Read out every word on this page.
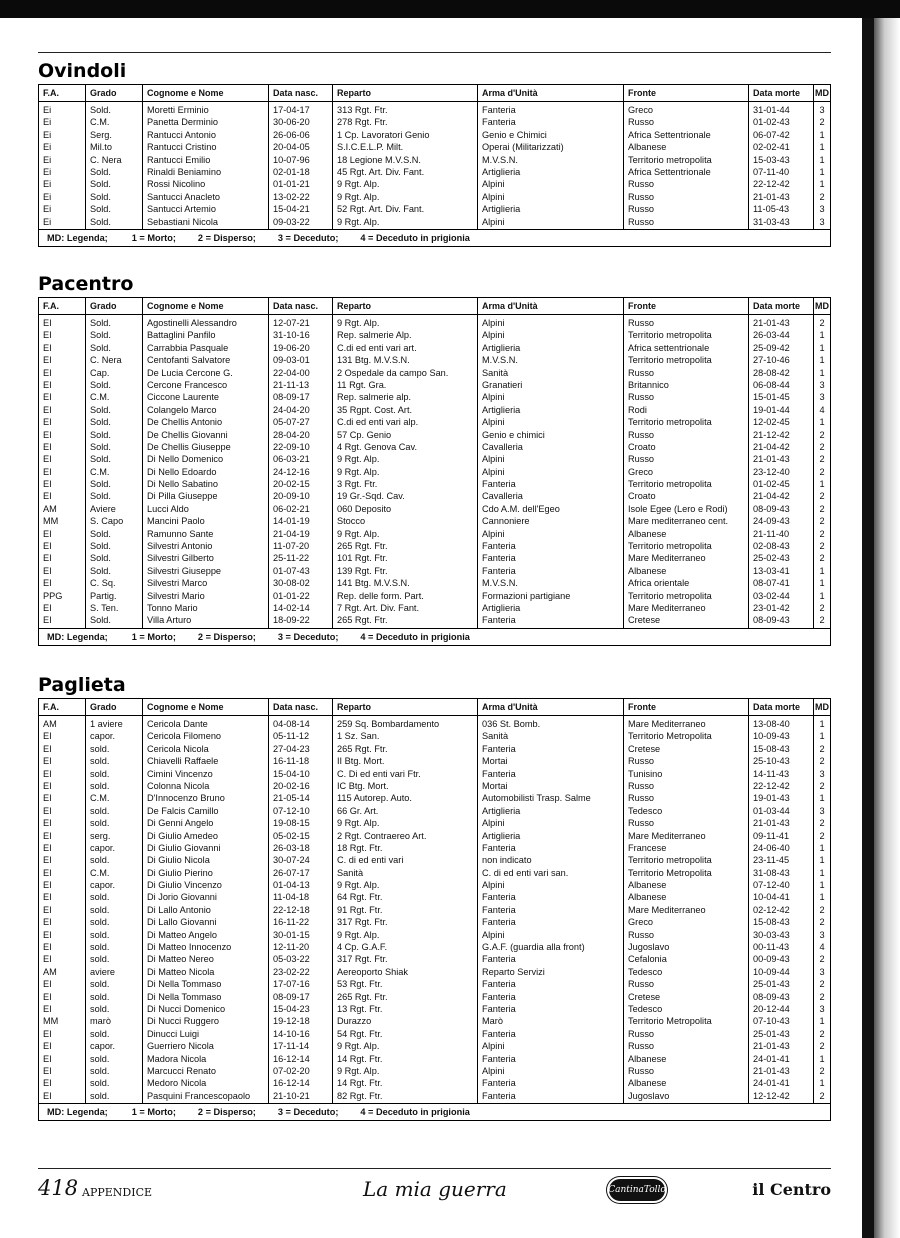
Ovindoli
F.A.	Grado	Cognome e Nome	Data nasc.	Reparto	Arma d'Unità	Fronte	Data morte	MD
Ei	Sold.	Moretti Erminio	17-04-17	313 Rgt. Ftr.	Fanteria	Greco	31-01-44	3
Ei	C.M.	Panetta Derminio	30-06-20	278 Rgt. Ftr.	Fanteria	Russo	01-02-43	2
Ei	Serg.	Rantucci Antonio	26-06-06	1 Cp. Lavoratori Genio	Genio e Chimici	Africa Settentrionale	06-07-42	1
Ei	Mil.to	Rantucci Cristino	20-04-05	S.I.C.E.L.P. Milt.	Operai (Militarizzati)	Albanese	02-02-41	1
Ei	C. Nera	Rantucci Emilio	10-07-96	18 Legione M.V.S.N.	M.V.S.N.	Territorio metropolita	15-03-43	1
Ei	Sold.	Rinaldi Beniamino	02-01-18	45 Rgt. Art. Div. Fant.	Artiglieria	Africa Settentrionale	07-11-40	1
Ei	Sold.	Rossi Nicolino	01-01-21	9 Rgt. Alp.	Alpini	Russo	22-12-42	1
Ei	Sold.	Santucci Anacleto	13-02-22	9 Rgt. Alp.	Alpini	Russo	21-01-43	2
Ei	Sold.	Santucci Artemio	15-04-21	52 Rgt. Art. Div. Fant.	Artiglieria	Russo	11-05-43	3
Ei	Sold.	Sebastiani Nicola	09-03-22	9 Rgt. Alp.	Alpini	Russo	31-03-43	3
MD: Legenda;	1 = Morto; 2 = Disperso; 3 = Deceduto; 4 = Deceduto in prigionia
Pacentro
F.A.	Grado	Cognome e Nome	Data nasc.	Reparto	Arma d'Unità	Fronte	Data morte	MD
EI	Sold.	Agostinelli Alessandro	12-07-21	9 Rgt. Alp.	Alpini	Russo	21-01-43	2
EI	Sold.	Battaglini Panfilo	31-10-16	Rep. salmerie Alp.	Alpini	Territorio metropolita	26-03-44	1
EI	Sold.	Carrabbia Pasquale	19-06-20	C.di ed enti vari art.	Artiglieria	Africa settentrionale	25-09-42	1
EI	C. Nera	Centofanti Salvatore	09-03-01	131 Btg. M.V.S.N.	M.V.S.N.	Territorio metropolita	27-10-46	1
EI	Cap.	De Lucia Cercone G.	22-04-00	2 Ospedale da campo San.	Sanità	Russo	28-08-42	1
EI	Sold.	Cercone Francesco	21-11-13	11 Rgt. Gra.	Granatieri	Britannico	06-08-44	3
EI	C.M.	Ciccone Laurente	08-09-17	Rep. salmerie alp.	Alpini	Russo	15-01-45	3
EI	Sold.	Colangelo Marco	24-04-20	35 Rgpt. Cost. Art.	Artiglieria	Rodi	19-01-44	4
EI	Sold.	De Chellis Antonio	05-07-27	C.di ed enti vari alp.	Alpini	Territorio metropolita	12-02-45	1
EI	Sold.	De Chellis Giovanni	28-04-20	57 Cp. Genio	Genio e chimici	Russo	21-12-42	2
EI	Sold.	De Chellis Giuseppe	22-09-10	4 Rgt. Genova Cav.	Cavalleria	Croato	21-04-42	2
EI	Sold.	Di Nello Domenico	06-03-21	9 Rgt. Alp.	Alpini	Russo	21-01-43	2
EI	C.M.	Di Nello Edoardo	24-12-16	9 Rgt. Alp.	Alpini	Greco	23-12-40	2
EI	Sold.	Di Nello Sabatino	20-02-15	3 Rgt. Ftr.	Fanteria	Territorio metropolita	01-02-45	1
EI	Sold.	Di Pilla Giuseppe	20-09-10	19 Gr.-Sqd. Cav.	Cavalleria	Croato	21-04-42	2
AM	Aviere	Lucci Aldo	06-02-21	060 Deposito	Cdo A.M. dell'Egeo	Isole Egee (Lero e Rodi)	08-09-43	2
MM	S. Capo	Mancini Paolo	14-01-19	Stocco	Cannoniere	Mare mediterraneo cent.	24-09-43	2
EI	Sold.	Ramunno Sante	21-04-19	9 Rgt. Alp.	Alpini	Albanese	21-11-40	2
EI	Sold.	Silvestri Antonio	11-07-20	265 Rgt. Ftr.	Fanteria	Territorio metropolita	02-08-43	2
EI	Sold.	Silvestri Gilberto	25-11-22	101 Rgt. Ftr.	Fanteria	Mare Mediterraneo	25-02-43	2
EI	Sold.	Silvestri Giuseppe	01-07-43	139 Rgt. Ftr.	Fanteria	Albanese	13-03-41	1
EI	C. Sq.	Silvestri Marco	30-08-02	141 Btg. M.V.S.N.	M.V.S.N.	Africa orientale	08-07-41	1
PPG	Partig.	Silvestri Mario	01-01-22	Rep. delle form. Part.	Formazioni partigiane	Territorio metropolita	03-02-44	1
EI	S. Ten.	Tonno Mario	14-02-14	7 Rgt. Art. Div. Fant.	Artiglieria	Mare Mediterraneo	23-01-42	2
EI	Sold.	Villa Arturo	18-09-22	265 Rgt. Ftr.	Fanteria	Cretese	08-09-43	2
MD: Legenda;	1 = Morto; 2 = Disperso; 3 = Deceduto; 4 = Deceduto in prigionia
Paglieta
F.A.	Grado	Cognome e Nome	Data nasc.	Reparto	Arma d'Unità	Fronte	Data morte	MD
AM	1 aviere	Cericola Dante	04-08-14	259 Sq. Bombardamento	036 St. Bomb.	Mare Mediterraneo	13-08-40	1
EI	capor.	Cericola Filomeno	05-11-12	1 Sz. San.	Sanità	Territorio Metropolita	10-09-43	1
EI	sold.	Cericola Nicola	27-04-23	265 Rgt. Ftr.	Fanteria	Cretese	15-08-43	2
EI	sold.	Chiavelli Raffaele	16-11-18	II Btg. Mort.	Mortai	Russo	25-10-43	2
EI	sold.	Cimini Vincenzo	15-04-10	C. Di ed enti vari Ftr.	Fanteria	Tunisino	14-11-43	3
EI	sold.	Colonna Nicola	20-02-16	IC Btg. Mort.	Mortai	Russo	22-12-42	2
EI	C.M.	D'Innocenzo Bruno	21-05-14	115 Autorep. Auto.	Automobilisti Trasp. Salme	Russo	19-01-43	1
EI	sold.	De Falcis Camillo	07-12-10	66 Gr. Art.	Artiglieria	Tedesco	01-03-44	3
EI	sold.	Di Genni Angelo	19-08-15	9 Rgt. Alp.	Alpini	Russo	21-01-43	2
EI	serg.	Di Giulio Amedeo	05-02-15	2 Rgt. Contraereo Art.	Artiglieria	Mare Mediterraneo	09-11-41	2
EI	capor.	Di Giulio Giovanni	26-03-18	18 Rgt. Ftr.	Fanteria	Francese	24-06-40	1
EI	sold.	Di Giulio Nicola	30-07-24	C. di ed enti vari	non indicato	Territorio metropolita	23-11-45	1
EI	C.M.	Di Giulio Pierino	26-07-17	Sanità	C. di ed enti vari san.	Territorio Metropolita	31-08-43	1
EI	capor.	Di Giulio Vincenzo	01-04-13	9 Rgt. Alp.	Alpini	Albanese	07-12-40	1
EI	sold.	Di Jorio Giovanni	11-04-18	64 Rgt. Ftr.	Fanteria	Albanese	10-04-41	1
EI	sold.	Di Lallo Antonio	22-12-18	91 Rgt. Ftr.	Fanteria	Mare Mediterraneo	02-12-42	2
EI	sold.	Di Lallo Giovanni	16-11-22	317 Rgt. Ftr.	Fanteria	Greco	15-08-43	2
EI	sold.	Di Matteo Angelo	30-01-15	9 Rgt. Alp.	Alpini	Russo	30-03-43	3
EI	sold.	Di Matteo Innocenzo	12-11-20	4 Cp. G.A.F.	G.A.F. (guardia alla front)	Jugoslavo	00-11-43	4
EI	sold.	Di Matteo Nereo	05-03-22	317 Rgt. Ftr.	Fanteria	Cefalonia	00-09-43	2
AM	aviere	Di Matteo Nicola	23-02-22	Aereoporto Shiak	Reparto Servizi	Tedesco	10-09-44	3
EI	sold.	Di Nella Tommaso	17-07-16	53 Rgt. Ftr.	Fanteria	Russo	25-01-43	2
EI	sold.	Di Nella Tommaso	08-09-17	265 Rgt. Ftr.	Fanteria	Cretese	08-09-43	2
EI	sold.	Di Nucci Domenico	15-04-23	13 Rgt. Ftr.	Fanteria	Tedesco	20-12-44	3
MM	marò	Di Nucci Ruggero	19-12-18	Durazzo	Marò	Territorio Metropolita	07-10-43	1
EI	sold.	Dinucci Luigi	14-10-16	54 Rgt. Ftr.	Fanteria	Russo	25-01-43	2
EI	capor.	Guerriero Nicola	17-11-14	9 Rgt. Alp.	Alpini	Russo	21-01-43	2
EI	sold.	Madora Nicola	16-12-14	14 Rgt. Ftr.	Fanteria	Albanese	24-01-41	1
EI	sold.	Marcucci Renato	07-02-20	9 Rgt. Alp.	Alpini	Russo	21-01-43	2
EI	sold.	Medoro Nicola	16-12-14	14 Rgt. Ftr.	Fanteria	Albanese	24-01-41	1
EI	sold.	Pasquini Francescopaolo	21-10-21	82 Rgt. Ftr.	Fanteria	Jugoslavo	12-12-42	2
MD: Legenda;	1 = Morto; 2 = Disperso; 3 = Deceduto; 4 = Deceduto in prigionia
418 APPENDICE	La mia guerra	CantinaTollo	il Centro
